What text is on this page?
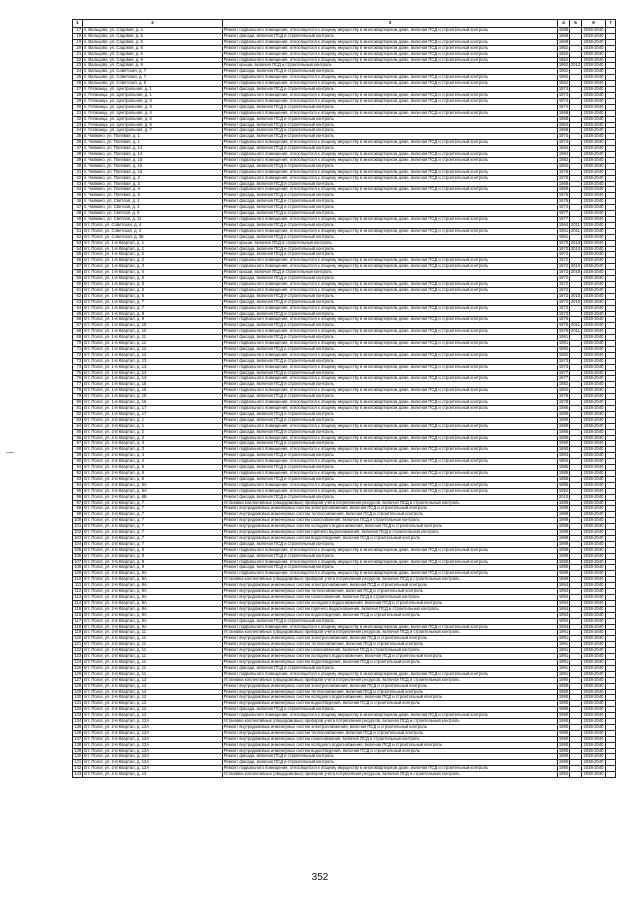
1	2	3	4	5	6	7
17	п. Вальцово, ул. Садовая, д. 4	Ремонт подвального помещения, относящегося к общему имуществу в многоквартирном доме, включая ПСД и строительный контроль	1968		2038-2040	
18	п. Вальцово, ул. Садовая, д. 5	Ремонт фасада, включая ПСД и строительный контроль	1968		2038-2040	
19	п. Вальцово, ул. Садовая, д. 5	Ремонт подвального помещения, относящегося к общему имуществу в многоквартирном доме, включая ПСД и строительный контроль	1968		2038-2040	
20	п. Вальцово, ул. Садовая, д. 6	Ремонт подвального помещения, относящегося к общему имуществу в многоквартирном доме, включая ПСД и строительный контроль	1962		2038-2040	
21	п. Вальцово, ул. Садовая, д. 8	Ремонт подвального помещения, относящегося к общему имуществу в многоквартирном доме, включая ПСД и строительный контроль	1962		2038-2040	
22	п. Вальцово, ул. Садовая, д. 9	Ремонт подвального помещения, относящегося к общему имуществу в многоквартирном доме, включая ПСД и строительный контроль	1962		2038-2040	
23	п. Вальцово, ул. Садовая, д. 9	Ремонт крыши, включая ПСД и строительный контроль	1962	2012	2038-2040	
24	п. Вальцово, ул. Советская, д. 7	Ремонт фасада, включая ПСД и строительный контроль	1962		2038-2040	
25	п. Вальцово, ул. Советская, д. 7	Ремонт подвального помещения, относящегося к общему имуществу в многоквартирном доме, включая ПСД и строительный контроль	1962		2038-2040	
26	п. Вальцово, ул. Советская, д. 8	Ремонт подвального помещения, относящегося к общему имуществу в многоквартирном доме, включая ПСД и строительный контроль	1962		2038-2040	
27	п. Гетманцы, ул. Центральная, д. 1	Ремонт фасада, включая ПСД и строительный контроль	1974		2038-2040	
28	п. Гетманцы, ул. Центральная, д. 1	Ремонт подвального помещения, относящегося к общему имуществу в многоквартирном доме, включая ПСД и строительный контроль	1974		2038-2040	
29	п. Гетманцы, ул. Центральная, д. 3	Ремонт подвального помещения, относящегося к общему имуществу в многоквартирном доме, включая ПСД и строительный контроль	1974		2038-2040	
30	п. Гетманцы, ул. Центральная, д. 3	Ремонт фасада, включая ПСД и строительный контроль	1974		2038-2040	
31	п. Гетманцы, ул. Центральная, д. 4	Ремонт подвального помещения, относящегося к общему имуществу в многоквартирном доме, включая ПСД и строительный контроль	1968		2038-2040	
32	п. Гетманцы, ул. Центральная, д. 6	Ремонт фасада, включая ПСД и строительный контроль	1968		2038-2040	
33	п. Гетманцы, ул. Центральная, д. 6	Ремонт фасада, включая ПСД и строительный контроль	1964		2038-2040	
34	п. Гетманцы, ул. Центральная, д. 7	Ремонт фасада, включая ПСД и строительный контроль	1968		2038-2040	
35	п. Чайкино, ул. Полевая, д. 1	Ремонт фасада, включая ПСД и строительный контроль	1974		2038-2040	
36	п. Чайкино, ул. Полевая, д. 1	Ремонт подвального помещения, относящегося к общему имуществу в многоквартирном доме, включая ПСД и строительный контроль	1974		2038-2040	
37	п. Чайкино, ул. Полевая, д. 14	Ремонт фасада, включая ПСД и строительный контроль	1984		2038-2040	
38	п. Чайкино, ул. Полевая, д. 14	Ремонт подвального помещения, относящегося к общему имуществу в многоквартирном доме, включая ПСД и строительный контроль	1984		2038-2040	
39	п. Чайкино, ул. Полевая, д. 15	Ремонт подвального помещения, относящегося к общему имуществу в многоквартирном доме, включая ПСД и строительный контроль	1982		2038-2040	
40	п. Чайкино, ул. Полевая, д. 15	Ремонт фасада, включая ПСД и строительный контроль	1982		2038-2040	
41	п. Чайкино, ул. Полевая, д. 16	Ремонт подвального помещения, относящегося к общему имуществу в многоквартирном доме, включая ПСД и строительный контроль	1976		2038-2040	
42	п. Чайкино, ул. Полевая, д. 2	Ремонт подвального помещения, относящегося к общему имуществу в многоквартирном доме, включая ПСД и строительный контроль	1976		2038-2040	
43	п. Чайкино, ул. Полевая, д. 2	Ремонт фасада, включая ПСД и строительный контроль	1968		2038-2040	
44	п. Чайкино, ул. Полевая, д. 4	Ремонт подвального помещения, относящегося к общему имуществу в многоквартирном доме, включая ПСД и строительный контроль	1968		2038-2040	
45	п. Чайкино, ул. Полевая, д. 6	Ремонт фасада, включая ПСД и строительный контроль	1976		2038-2040	
46	п. Чайкино, ул. Светлая, д. 1	Ремонт фасада, включая ПСД и строительный контроль	1976		2038-2040	
47	п. Чайкино, ул. Светлая, д. 3	Ремонт фасада, включая ПСД и строительный контроль	1974		2038-2040	
48	п. Чайкино, ул. Светлая, д. 9	Ремонт фасада, включая ПСД и строительный контроль	1977		2038-2040	
49	п. Чайкино, ул. Светлая, д. 11	Ремонт подвального помещения, относящегося к общему имуществу в многоквартирном доме, включая ПСД и строительный контроль	1977		2038-2040	
50	пгт. Полог, ул. Советская, д. 4	Ремонт фасада, включая ПСД и строительный контроль	1964	2011	2038-2040	
51	пгт. Полог, ул. Советская, д. 4	Ремонт подвального помещения, относящегося к общему имуществу в многоквартирном доме, включая ПСД и строительный контроль	1961	2011	2038-2040	
52	пгт. Полог, ул. Советская, д. 38	Ремонт фасада, включая ПСД и строительный контроль	1961		2038-2040	
53	пгт. Полог, ул. 1-й Квартал, д. 1	Ремонт крыши, включая ПСД и строительный контроль	1970	2010	2038-2040	
54	пгт. Полог, ул. 1-й Квартал, д. 1	Ремонт фасада, включая ПСД и строительный контроль	1970	2010	2038-2040	
55	пгт. Полог, ул. 1-й Квартал, д. 2	Ремонт фасада, включая ПСД и строительный контроль	1972		2038-2040	
56	пгт. Полог, ул. 1-й Квартал, д. 2	Ремонт подвального помещения, относящегося к общему имуществу в многоквартирном доме, включая ПСД и строительный контроль	1972		2038-2040	
57	пгт. Полог, ул. 1-й Квартал, д. 3	Ремонт подвального помещения, относящегося к общему имуществу в многоквартирном доме, включая ПСД и строительный контроль	1972	2010	2038-2040	
58	пгт. Полог, ул. 1-й Квартал, д. 4	Ремонт крыши, включая ПСД и строительный контроль	1972	2010	2038-2040	
59	пгт. Полог, ул. 1-й Квартал, д. 5	Ремонт фасада, включая ПСД и строительный контроль	1972		2038-2040	
60	пгт. Полог, ул. 1-й Квартал, д. 5	Ремонт подвального помещения, относящегося к общему имуществу в многоквартирном доме, включая ПСД и строительный контроль	1972		2038-2040	
61	пгт. Полог, ул. 1-й Квартал, д. 6	Ремонт подвального помещения, относящегося к общему имуществу в многоквартирном доме, включая ПСД и строительный контроль	1972		2038-2040	
62	пгт. Полог, ул. 1-й Квартал, д. 6	Ремонт фасада, включая ПСД и строительный контроль	1972	2010	2038-2040	
63	пгт. Полог, ул. 1-й Квартал, д. 7	Ремонт фасада, включая ПСД и строительный контроль	1972	2010	2038-2040	
64	пгт. Полог, ул. 1-й Квартал, д. 7	Ремонт подвального помещения, относящегося к общему имуществу в многоквартирном доме, включая ПСД и строительный контроль	1973		2038-2040	
65	пгт. Полог, ул. 1-й Квартал, д. 8	Ремонт фасада, включая ПСД и строительный контроль	1973		2038-2040	
66	пгт. Полог, ул. 1-й Квартал, д. 9	Ремонт подвального помещения, относящегося к общему имуществу в многоквартирном доме, включая ПСД и строительный контроль	1976		2038-2040	
67	пгт. Полог, ул. 1-й Квартал, д. 10	Ремонт фасада, включая ПСД и строительный контроль	1976	2011	2038-2040	
68	пгт. Полог, ул. 1-й Квартал, д. 10	Ремонт подвального помещения, относящегося к общему имуществу в многоквартирном доме, включая ПСД и строительный контроль	1976	2011	2038-2040	
69	пгт. Полог, ул. 1-й Квартал, д. 11	Ремонт фасада, включая ПСД и строительный контроль	1981		2038-2040	
70	пгт. Полог, ул. 1-й Квартал, д. 11	Ремонт подвального помещения, относящегося к общему имуществу в многоквартирном доме, включая ПСД и строительный контроль	1981		2038-2040	
71	пгт. Полог, ул. 1-й Квартал, д. 12	Ремонт фасада, включая ПСД и строительный контроль	1982		2038-2040	
72	пгт. Полог, ул. 1-й Квартал, д. 12	Ремонт подвального помещения, относящегося к общему имуществу в многоквартирном доме, включая ПСД и строительный контроль	1982		2038-2040	
73	пгт. Полог, ул. 1-й Квартал, д. 13	Ремонт фасада, включая ПСД и строительный контроль	1973		2038-2040	
74	пгт. Полог, ул. 1-й Квартал, д. 13	Ремонт подвального помещения, относящегося к общему имуществу в многоквартирном доме, включая ПСД и строительный контроль	1973		2038-2040	
75	пгт. Полог, ул. 1-й Квартал, д. 14	Ремонт фасада, включая ПСД и строительный контроль	1977		2038-2040	
76	пгт. Полог, ул. 1-й Квартал, д. 14	Ремонт подвального помещения, относящегося к общему имуществу в многоквартирном доме, включая ПСД и строительный контроль	1977		2038-2040	
77	пгт. Полог, ул. 1-й Квартал, д. 15	Ремонт фасада, включая ПСД и строительный контроль	1982		2038-2040	
78	пгт. Полог, ул. 1-й Квартал, д. 15	Ремонт подвального помещения, относящегося к общему имуществу в многоквартирном доме, включая ПСД и строительный контроль	1982		2038-2040	
79	пгт. Полог, ул. 1-й Квартал, д. 16	Ремонт фасада, включая ПСД и строительный контроль	1978		2038-2040	
80	пгт. Полог, ул. 1-й Квартал, д. 16	Ремонт подвального помещения, относящегося к общему имуществу в многоквартирном доме, включая ПСД и строительный контроль	1978		2038-2040	
81	пгт. Полог, ул. 1-й Квартал, д. 17	Ремонт подвального помещения, относящегося к общему имуществу в многоквартирном доме, включая ПСД и строительный контроль	1986		2038-2040	
82	пгт. Полог, ул. 1-й Квартал, д. 17	Ремонт фасада, включая ПСД и строительный контроль	1986		2038-2040	
83	пгт. Полог, ул. 2-й Квартал, д. 1	Ремонт фасада, включая ПСД и строительный контроль	1990		2038-2040	
84	пгт. Полог, ул. 2-й Квартал, д. 1	Ремонт подвального помещения, относящегося к общему имуществу в многоквартирном доме, включая ПСД и строительный контроль	1990		2038-2040	
85	пгт. Полог, ул. 2-й Квартал, д. 2	Ремонт фасада, включая ПСД и строительный контроль	1986		2038-2040	
86	пгт. Полог, ул. 2-й Квартал, д. 2	Ремонт подвального помещения, относящегося к общему имуществу в многоквартирном доме, включая ПСД и строительный контроль	1986		2038-2040	
87	пгт. Полог, ул. 2-й Квартал, д. 3	Ремонт фасада, включая ПСД и строительный контроль	1990		2038-2040	
88	пгт. Полог, ул. 2-й Квартал, д. 3	Ремонт подвального помещения, относящегося к общему имуществу в многоквартирном доме, включая ПСД и строительный контроль	1990		2038-2040	
89	пгт. Полог, ул. 2-й Квартал, д. 4	Ремонт фасада, включая ПСД и строительный контроль	1984		2038-2040	
90	пгт. Полог, ул. 2-й Квартал, д. 4	Ремонт подвального помещения, относящегося к общему имуществу в многоквартирном доме, включая ПСД и строительный контроль	1984		2038-2040	
91	пгт. Полог, ул. 2-й Квартал, д. 5	Ремонт фасада, включая ПСД и строительный контроль	1985		2038-2040	
92	пгт. Полог, ул. 2-й Квартал, д. 5	Ремонт подвального помещения, относящегося к общему имуществу в многоквартирном доме, включая ПСД и строительный контроль	1985		2038-2040	
93	пгт. Полог, ул. 2-й Квартал, д. 6	Ремонт фасада, включая ПСД и строительный контроль	1986		2038-2040	
94	пгт. Полог, ул. 2-й Квартал, д. 6А	Ремонт подвального помещения, относящегося к общему имуществу в многоквартирном доме, включая ПСД и строительный контроль	1986		2038-2040	
95	пгт. Полог, ул. 2-й Квартал, д. 6А	Ремонт подвального помещения, относящегося к общему имуществу в многоквартирном доме, включая ПСД и строительный контроль	1992		2038-2040	
96	пгт. Полог, ул. 2-й Квартал, д. 6Б	Ремонт фасада, включая ПСД и строительный контроль	2010		2038-2040	
97	пгт. Полог, ул. 2-й Квартал, д. 7	Установка коллективных (общедомовых) приборов учета потребления ресурсов, включая ПСД и строительный контроль	1989		2038-2040	
98	пгт. Полог, ул. 2-й Квартал, д. 7	Ремонт внутридомовых инженерных систем электроснабжения, включая ПСД и строительный контроль	1989		2038-2040	
99	пгт. Полог, ул. 2-й Квартал, д. 7	Ремонт внутридомовых инженерных систем теплоснабжения, включая ПСД и строительный контроль	1989		2038-2040	
100	пгт. Полог, ул. 2-й Квартал, д. 7	Ремонт внутридомовых инженерных систем газоснабжения, включая ПСД и строительный контроль	1989		2038-2040	
101	пгт. Полог, ул. 2-й Квартал, д. 7	Ремонт внутридомовых инженерных систем холодного водоснабжения, включая ПСД и строительный контроль	1989		2038-2040	
102	пгт. Полог, ул. 2-й Квартал, д. 7	Ремонт внутридомовых инженерных систем горячего водоснабжения, включая ПСД и строительный контроль	1989		2038-2040	
103	пгт. Полог, ул. 2-й Квартал, д. 7	Ремонт внутридомовых инженерных систем водоотведения, включая ПСД и строительный контроль	1989		2038-2040	
104	пгт. Полог, ул. 2-й Квартал, д. 7	Ремонт фасада, включая ПСД и строительный контроль	1989		2038-2040	
105	пгт. Полог, ул. 2-й Квартал, д. 8	Ремонт подвального помещения, относящегося к общему имуществу в многоквартирном доме, включая ПСД и строительный контроль	1989		2038-2040	
106	пгт. Полог, ул. 2-й Квартал, д. 8	Ремонт фасада, включая ПСД и строительный контроль	1989		2038-2040	
107	пгт. Полог, ул. 2-й Квартал, д. 9	Ремонт подвального помещения, относящегося к общему имуществу в многоквартирном доме, включая ПСД и строительный контроль	1990		2038-2040	
108	пгт. Полог, ул. 2-й Квартал, д. 9	Ремонт фасада, включая ПСД и строительный контроль	1990		2038-2040	
109	пгт. Полог, ул. 2-й Квартал, д. 9А	Ремонт подвального помещения, относящегося к общему имуществу в многоквартирном доме, включая ПСД и строительный контроль	1989		2038-2040	
110	пгт. Полог, ул. 2-й Квартал, д. 9А	Установка коллективных (общедомовых) приборов учета потребления ресурсов, включая ПСД и строительный контроль	1989		2038-2040	
111	пгт. Полог, ул. 2-й Квартал, д. 9А	Ремонт внутридомовых инженерных систем электроснабжения, включая ПСД и строительный контроль	1994		2038-2040	
112	пгт. Полог, ул. 2-й Квартал, д. 9А	Ремонт внутридомовых инженерных систем теплоснабжения, включая ПСД и строительный контроль	1994		2038-2040	
113	пгт. Полог, ул. 2-й Квартал, д. 9А	Ремонт внутридомовых инженерных систем газоснабжения, включая ПСД и строительный контроль	1994		2038-2040	
114	пгт. Полог, ул. 2-й Квартал, д. 9А	Ремонт внутридомовых инженерных систем холодного водоснабжения, включая ПСД и строительный контроль	1994		2038-2040	
115	пгт. Полог, ул. 2-й Квартал, д. 9А	Ремонт внутридомовых инженерных систем горячего водоснабжения, включая ПСД и строительный контроль	1994		2038-2040	
116	пгт. Полог, ул. 2-й Квартал, д. 9А	Ремонт внутридомовых инженерных систем водоотведения, включая ПСД и строительный контроль	1994		2038-2040	
117	пгт. Полог, ул. 2-й Квартал, д. 9А	Ремонт фасада, включая ПСД и строительный контроль	1994		2038-2040	
118	пгт. Полог, ул. 2-й Квартал, д. 9А	Ремонт подвального помещения, относящегося к общему имуществу в многоквартирном доме, включая ПСД и строительный контроль	1994		2038-2040	
119	пгт. Полог, ул. 2-й Квартал, д. 11	Установка коллективных (общедомовых) приборов учета потребления ресурсов, включая ПСД и строительный контроль	1991		2038-2040	
120	пгт. Полог, ул. 2-й Квартал, д. 11	Ремонт внутридомовых инженерных систем электроснабжения, включая ПСД и строительный контроль	1991		2038-2040	
121	пгт. Полог, ул. 2-й Квартал, д. 11	Ремонт внутридомовых инженерных систем теплоснабжения, включая ПСД и строительный контроль	1991		2038-2040	
122	пгт. Полог, ул. 2-й Квартал, д. 11	Ремонт внутридомовых инженерных систем газоснабжения, включая ПСД и строительный контроль	1991		2038-2040	
123	пгт. Полог, ул. 2-й Квартал, д. 11	Ремонт внутридомовых инженерных систем холодного водоснабжения, включая ПСД и строительный контроль	1991		2038-2040	
124	пгт. Полог, ул. 2-й Квартал, д. 11	Ремонт внутридомовых инженерных систем водоотведения, включая ПСД и строительный контроль	1991		2038-2040	
125	пгт. Полог, ул. 2-й Квартал, д. 11	Ремонт фасада, включая ПСД и строительный контроль	1991		2038-2040	
126	пгт. Полог, ул. 2-й Квартал, д. 11	Ремонт подвального помещения, относящегося к общему имуществу в многоквартирном доме, включая ПСД и строительный контроль	1991		2038-2040	
127	пгт. Полог, ул. 2-й Квартал, д. 12	Установка коллективных (общедомовых) приборов учета потребления ресурсов, включая ПСД и строительный контроль	1990		2038-2040	
128	пгт. Полог, ул. 2-й Квартал, д. 12	Ремонт внутридомовых инженерных систем электроснабжения, включая ПСД и строительный контроль	1990		2038-2040	
129	пгт. Полог, ул. 2-й Квартал, д. 12	Ремонт внутридомовых инженерных систем теплоснабжения, включая ПСД и строительный контроль	1990		2038-2040	
130	пгт. Полог, ул. 2-й Квартал, д. 12	Ремонт внутридомовых инженерных систем холодного водоснабжения, включая ПСД и строительный контроль	1990		2038-2040	
131	пгт. Полог, ул. 2-й Квартал, д. 12	Ремонт внутридомовых инженерных систем водоотведения, включая ПСД и строительный контроль	1990		2038-2040	
132	пгт. Полог, ул. 2-й Квартал, д. 12	Ремонт фасада, включая ПСД и строительный контроль	1990		2038-2040	
133	пгт. Полог, ул. 2-й Квартал, д. 12	Ремонт подвального помещения, относящегося к общему имуществу в многоквартирном доме, включая ПСД и строительный контроль	1990		2038-2040	
134	пгт. Полог, ул. 2-й Квартал, д. 12А	Установка коллективных (общедомовых) приборов учета потребления ресурсов, включая ПСД и строительный контроль	1990		2038-2040	
135	пгт. Полог, ул. 2-й Квартал, д. 12А	Ремонт внутридомовых инженерных систем электроснабжения, включая ПСД и строительный контроль	1990		2038-2040	
136	пгт. Полог, ул. 2-й Квартал, д. 12А	Ремонт внутридомовых инженерных систем теплоснабжения, включая ПСД и строительный контроль	1990		2038-2040	
137	пгт. Полог, ул. 2-й Квартал, д. 12А	Ремонт внутридомовых инженерных систем газоснабжения, включая ПСД и строительный контроль	1990		2038-2040	
138	пгт. Полог, ул. 2-й Квартал, д. 12А	Ремонт внутридомовых инженерных систем холодного водоснабжения, включая ПСД и строительный контроль	1990		2038-2040	
139	пгт. Полог, ул. 2-й Квартал, д. 12А	Ремонт внутридомовых инженерных систем водоотведения, включая ПСД и строительный контроль	1990		2038-2040	
140	пгт. Полог, ул. 2-й Квартал, д. 12А	Ремонт фасада, включая ПСД и строительный контроль	1990		2038-2040	
141	пгт. Полог, ул. 2-й Квартал, д. 12А	Ремонт фасада, включая ПСД и строительный контроль	1990		2038-2040	
142	пгт. Полог, ул. 2-й Квартал, д. 12А	Ремонт подвального помещения, относящегося к общему имуществу в многоквартирном доме, включая ПСД и строительный контроль	1990		2038-2040	
143	пгт. Полог, ул. 2-й Квартал, д. 13	Установка коллективных (общедомовых) приборов учета потребления ресурсов, включая ПСД и строительный контроль	1992		2038-2040	
352
